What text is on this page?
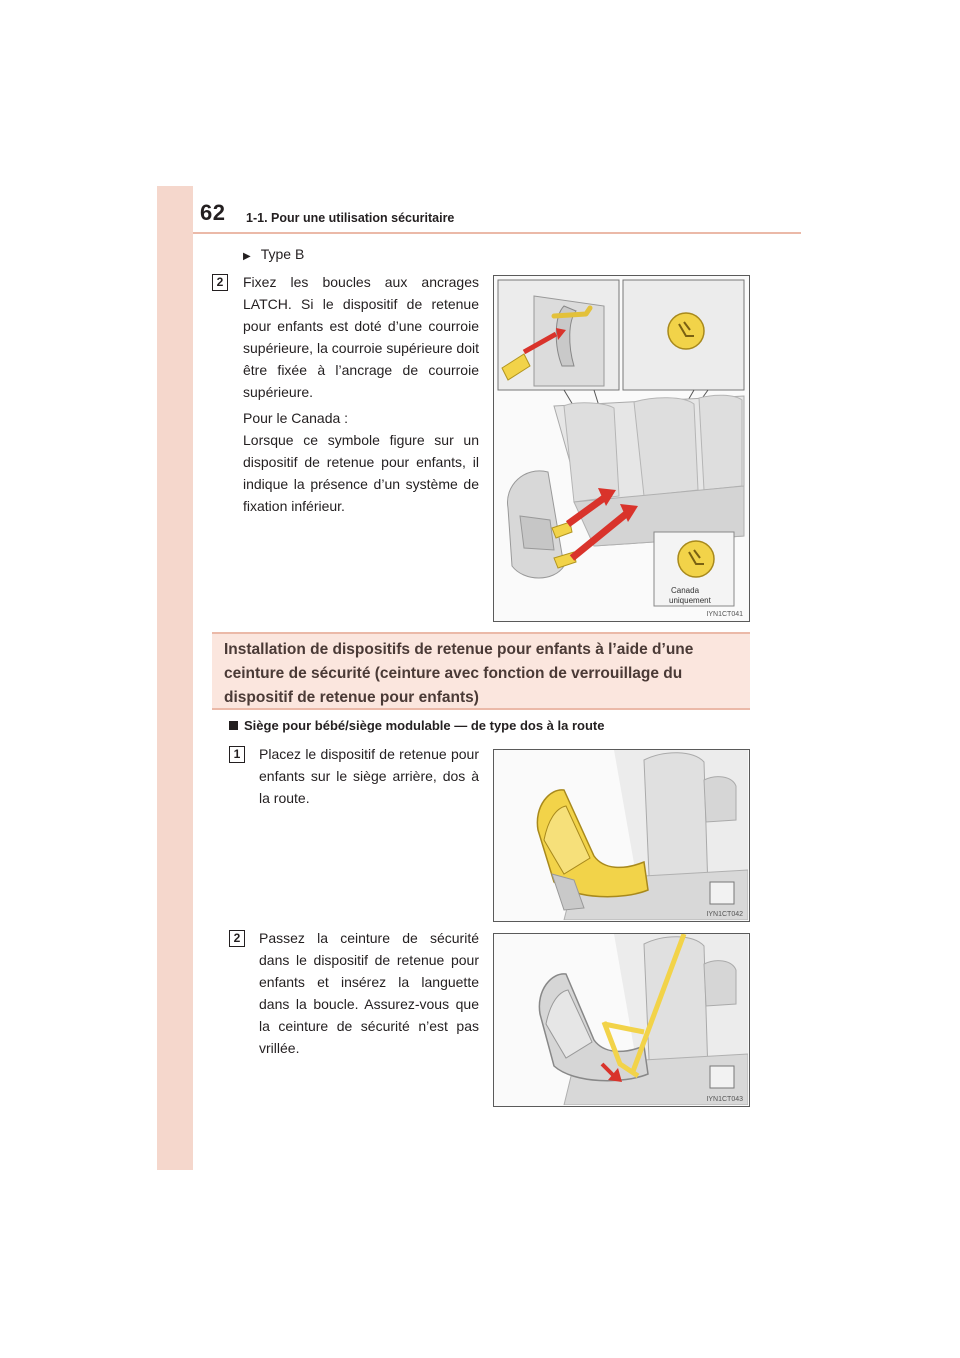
62 1-1. Pour une utilisation sécuritaire
▶ Type B
2	Fixez les boucles aux ancrages LATCH. Si le dispositif de retenue pour enfants est doté d’une courroie supérieure, la courroie supérieure doit être fixée à l’ancrage de courroie supérieure.

Pour le Canada :

Lorsque ce symbole figure sur un dispositif de retenue pour enfants, il indique la présence d’un système de fixation inférieur.

Canada
uniquement
IYN1CT041
Installation de dispositifs de retenue pour enfants à l’aide d’une ceinture de sécurité (ceinture avec fonction de verrouillage du dispositif de retenue pour enfants)
Siège pour bébé/siège modulable — de type dos à la route
1	Placez le dispositif de retenue pour enfants sur le siège arrière, dos à la route.

IYN1CT042
2	Passez la ceinture de sécurité dans le dispositif de retenue pour enfants et insérez la languette dans la boucle. Assurez-vous que la ceinture de sécurité n’est pas vrillée.

IYN1CT043
